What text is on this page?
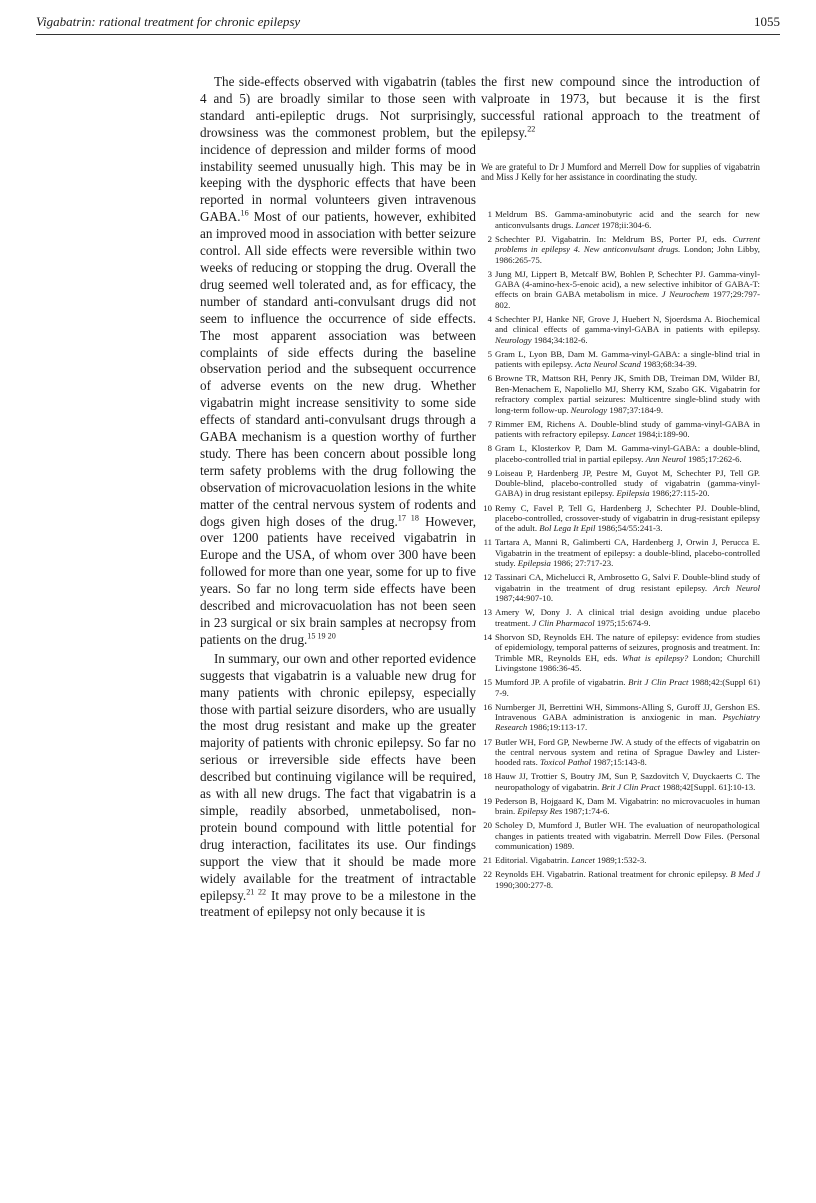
Vigabatrin: rational treatment for chronic epilepsy	1055

The side-effects observed with vigabatrin (tables 4 and 5) are broadly similar to those seen with standard anti-epileptic drugs. Not surprisingly, drowsiness was the commonest problem, but the incidence of depression and milder forms of mood instability seemed unusually high. This may be in keeping with the dysphoric effects that have been reported in normal volunteers given intravenous GABA.$^{16}$ Most of our patients, however, exhibited an improved mood in association with better seizure control. All side effects were reversible within two weeks of reducing or stopping the drug. Overall the drug seemed well tolerated and, as for efficacy, the number of standard anti-convulsant drugs did not seem to influence the occurrence of side effects. The most apparent association was between complaints of side effects during the baseline observation period and the subsequent occurrence of adverse events on the new drug. Whether vigabatrin might increase sensitivity to some side effects of standard anti-convulsant drugs through a GABA mechanism is a question worthy of further study. There has been concern about possible long term safety problems with the drug following the observation of microvacuolation lesions in the white matter of the central nervous system of rodents and dogs given high doses of the drug.$^{17 18}$ However, over 1200 patients have received vigabatrin in Europe and the USA, of whom over 300 have been followed for more than one year, some for up to five years. So far no long term side effects have been described and microvacuolation has not been seen in 23 surgical or six brain samples at necropsy from patients on the drug.$^{15 19 20}$

In summary, our own and other reported evidence suggests that vigabatrin is a valuable new drug for many patients with chronic epilepsy, especially those with partial seizure disorders, who are usually the most drug resistant and make up the greater majority of patients with chronic epilepsy. So far no serious or irreversible side effects have been described but continuing vigilance will be required, as with all new drugs. The fact that vigabatrin is a simple, readily absorbed, unmetabolised, non-protein bound compound with little potential for drug interaction, facilitates its use. Our findings support the view that it should be made more widely available for the treatment of intractable epilepsy.$^{21 22}$ It may prove to be a milestone in the treatment of epilepsy not only because it is

the first new compound since the introduction of valproate in 1973, but because it is the first successful rational approach to the treatment of epilepsy.$^{22}$

We are grateful to Dr J Mumford and Merrell Dow for supplies of vigabatrin and Miss J Kelly for her assistance in coordinating the study.

1 Meldrum BS. Gamma-aminobutyric acid and the search for new anticonvulsants drugs. Lancet 1978;ii:304-6.
2 Schechter PJ. Vigabatrin. In: Meldrum BS, Porter PJ, eds. Current problems in epilepsy 4. New anticonvulsant drugs. London; John Libby, 1986:265-75.
3 Jung MJ, Lippert B, Metcalf BW, Bohlen P, Schechter PJ. Gamma-vinyl-GABA (4-amino-hex-5-enoic acid), a new selective inhibitor of GABA-T: effects on brain GABA metabolism in mice. J Neurochem 1977;29:797-802.
4 Schechter PJ, Hanke NF, Grove J, Huebert N, Sjoerdsma A. Biochemical and clinical effects of gamma-vinyl-GABA in patients with epilepsy. Neurology 1984;34:182-6.
5 Gram L, Lyon BB, Dam M. Gamma-vinyl-GABA: a single-blind trial in patients with epilepsy. Acta Neurol Scand 1983;68:34-39.
6 Browne TR, Mattson RH, Penry JK, Smith DB, Treiman DM, Wilder BJ, Ben-Menachem E, Napoliello MJ, Sherry KM, Szabo GK. Vigabatrin for refractory complex partial seizures: Multicentre single-blind study with long-term follow-up. Neurology 1987;37:184-9.
7 Rimmer EM, Richens A. Double-blind study of gamma-vinyl-GABA in patients with refractory epilepsy. Lancet 1984;i:189-90.
8 Gram L, Klosterkov P, Dam M. Gamma-vinyl-GABA: a double-blind, placebo-controlled trial in partial epilepsy. Ann Neurol 1985;17:262-6.
9 Loiseau P, Hardenberg JP, Pestre M, Guyot M, Schechter PJ, Tell GP. Double-blind, placebo-controlled study of vigabatrin (gamma-vinyl-GABA) in drug resistant epilepsy. Epilepsia 1986;27:115-20.
10 Remy C, Favel P, Tell G, Hardenberg J, Schechter PJ. Double-blind, placebo-controlled, crossover-study of vigabatrin in drug-resistant epilepsy of the adult. Bol Lega It Epil 1986;54/55:241-3.
11 Tartara A, Manni R, Galimberti CA, Hardenberg J, Orwin J, Perucca E. Vigabatrin in the treatment of epilepsy: a double-blind, placebo-controlled study. Epilepsia 1986; 27:717-23.
12 Tassinari CA, Michelucci R, Ambrosetto G, Salvi F. Double-blind study of vigabatrin in the treatment of drug resistant epilepsy. Arch Neurol 1987;44:907-10.
13 Amery W, Dony J. A clinical trial design avoiding undue placebo treatment. J Clin Pharmacol 1975;15:674-9.
14 Shorvon SD, Reynolds EH. The nature of epilepsy: evidence from studies of epidemiology, temporal patterns of seizures, prognosis and treatment. In: Trimble MR, Reynolds EH, eds. What is epilepsy? London; Churchill Livingstone 1986:36-45.
15 Mumford JP. A profile of vigabatrin. Brit J Clin Pract 1988;42:(Suppl 61) 7-9.
16 Nurnberger JI, Berrettini WH, Simmons-Alling S, Guroff JJ, Gershon ES. Intravenous GABA administration is anxiogenic in man. Psychiatry Research 1986;19:113-17.
17 Butler WH, Ford GP, Newberne JW. A study of the effects of vigabatrin on the central nervous system and retina of Sprague Dawley and Lister-hooded rats. Toxicol Pathol 1987;15:143-8.
18 Hauw JJ, Trottier S, Boutry JM, Sun P, Sazdovitch V, Duyckaerts C. The neuropathology of vigabatrin. Brit J Clin Pract 1988;42[Suppl. 61]:10-13.
19 Pederson B, Hojgaard K, Dam M. Vigabatrin: no microvacuoles in human brain. Epilepsy Res 1987;1:74-6.
20 Scholey D, Mumford J, Butler WH. The evaluation of neuropathological changes in patients treated with vigabatrin. Merrell Dow Files. (Personal communication) 1989.
21 Editorial. Vigabatrin. Lancet 1989;1:532-3.
22 Reynolds EH. Vigabatrin. Rational treatment for chronic epilepsy. B Med J 1990;300:277-8.
